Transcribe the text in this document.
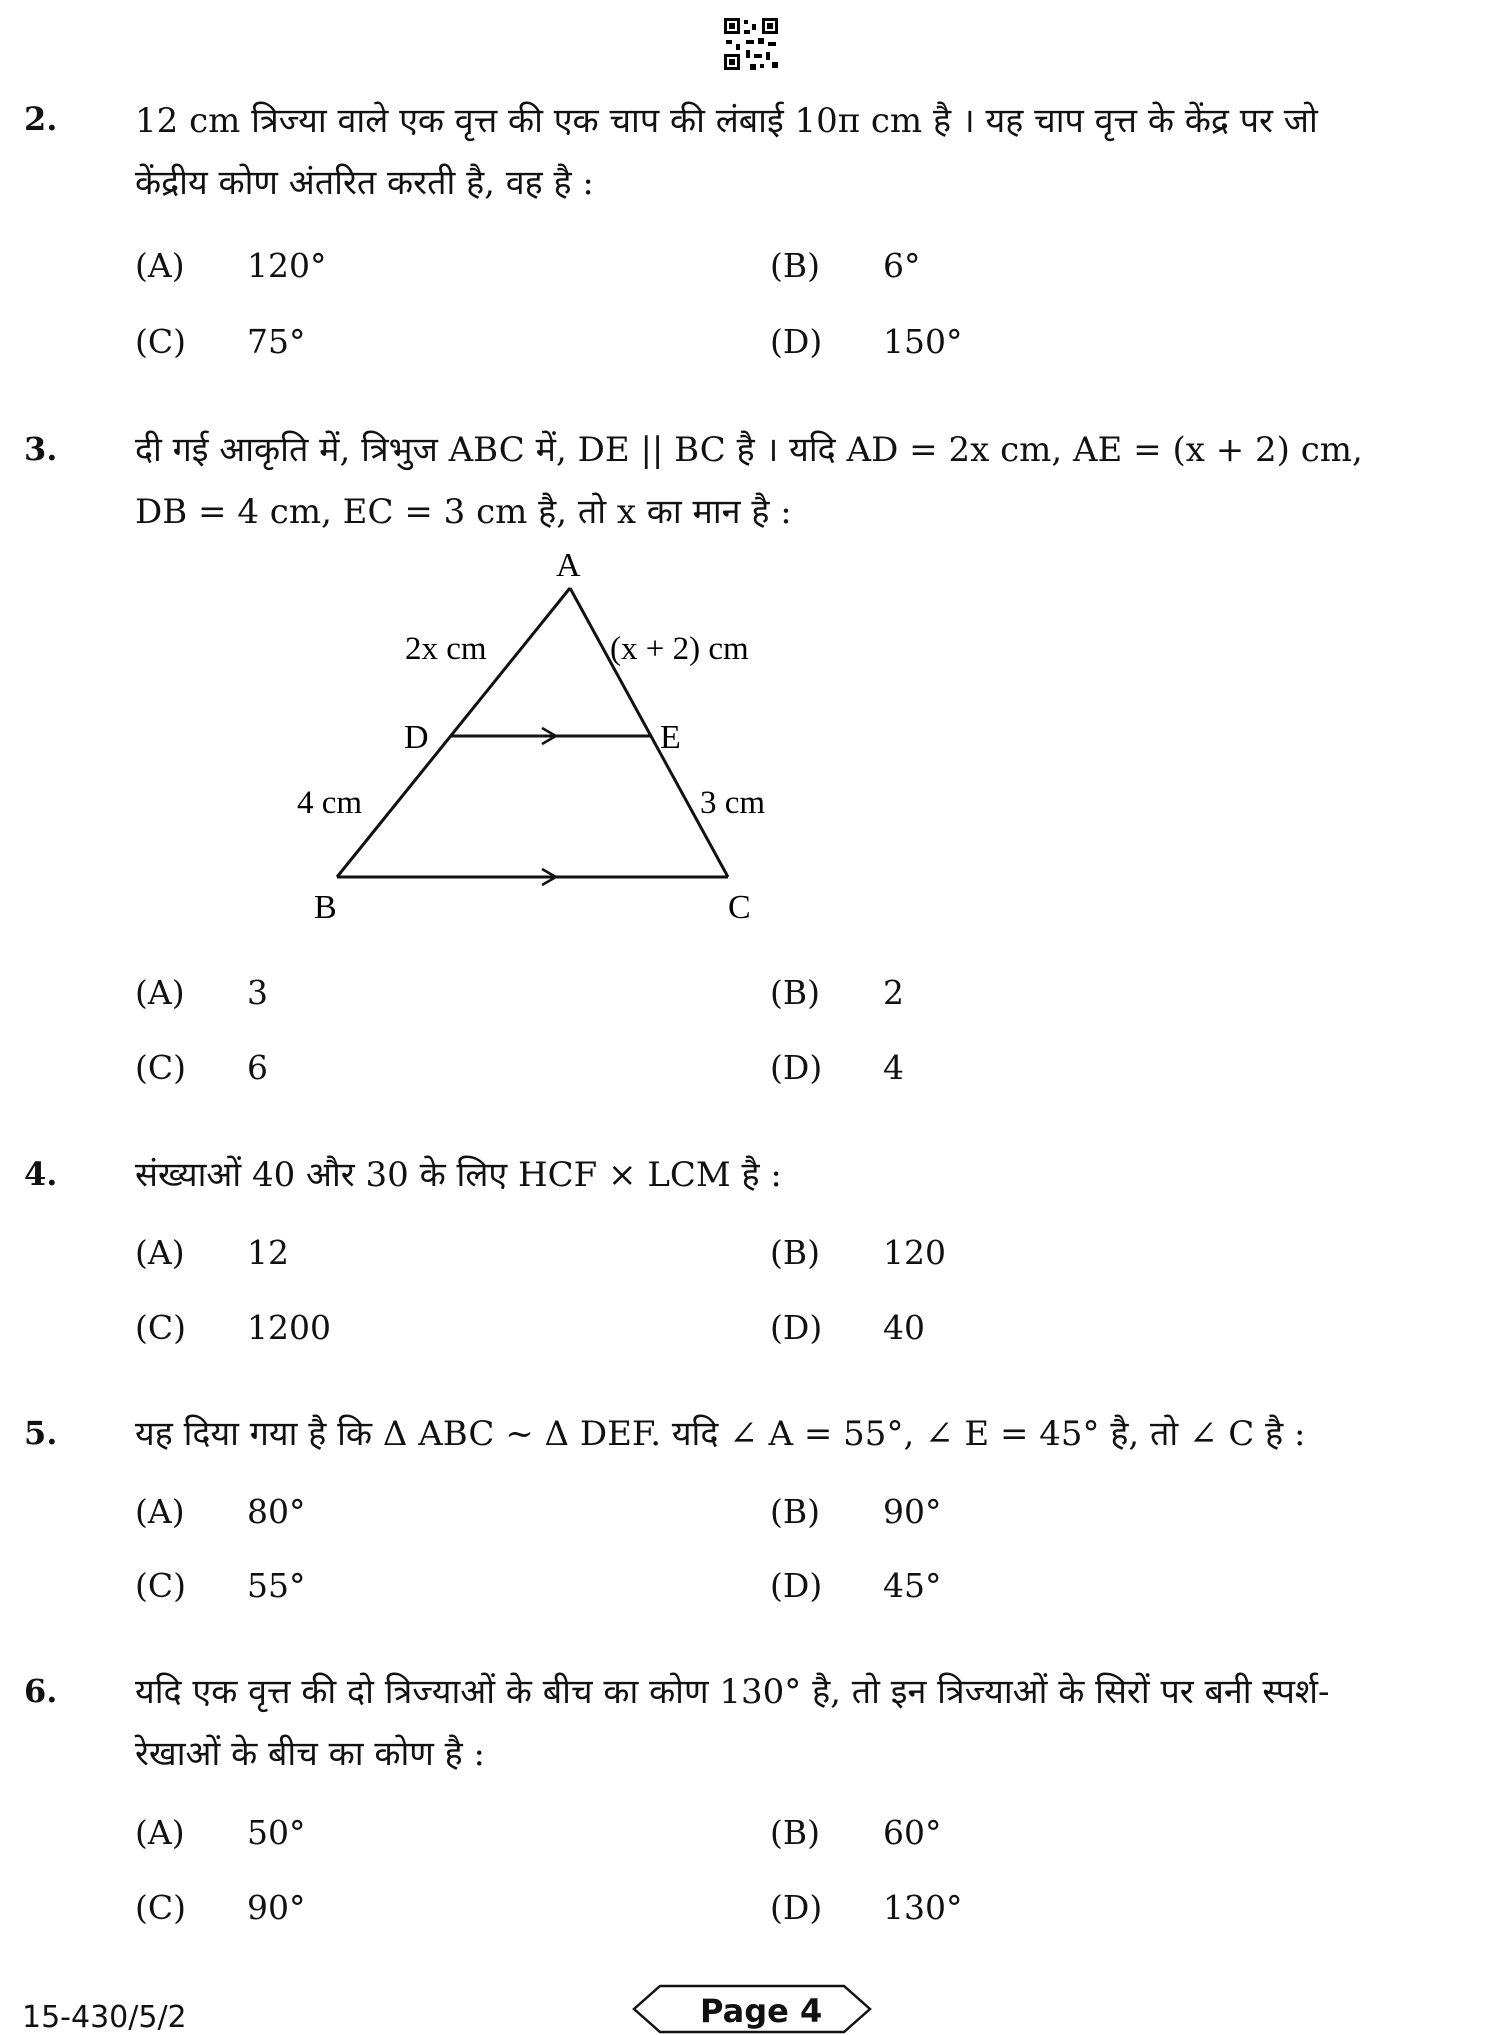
2. 12 cm त्रिज्या वाले एक वृत्त की एक चाप की लंबाई 10π cm है । यह चाप वृत्त के केंद्र पर जो केंद्रीय कोण अंतरित करती है, वह है :
(A) 120°	(B) 6°
(C) 75°	(D) 150°
3. दी गई आकृति में, त्रिभुज ABC में, DE || BC है । यदि AD = 2x cm, AE = (x + 2) cm, DB = 4 cm, EC = 3 cm है, तो x का मान है :
A
B	C
D	E
2x cm	(x + 2) cm
4 cm	3 cm
(A) 3	(B) 2
(C) 6	(D) 4
4. संख्याओं 40 और 30 के लिए HCF × LCM है :
(A) 12	(B) 120
(C) 1200	(D) 40
5. यह दिया गया है कि Δ ABC ~ Δ DEF. यदि ∠ A = 55°, ∠ E = 45° है, तो ∠ C है :
(A) 80°	(B) 90°
(C) 55°	(D) 45°
6. यदि एक वृत्त की दो त्रिज्याओं के बीच का कोण 130° है, तो इन त्रिज्याओं के सिरों पर बनी स्पर्श-रेखाओं के बीच का कोण है :
(A) 50°	(B) 60°
(C) 90°	(D) 130°
15-430/5/2	Page 4
